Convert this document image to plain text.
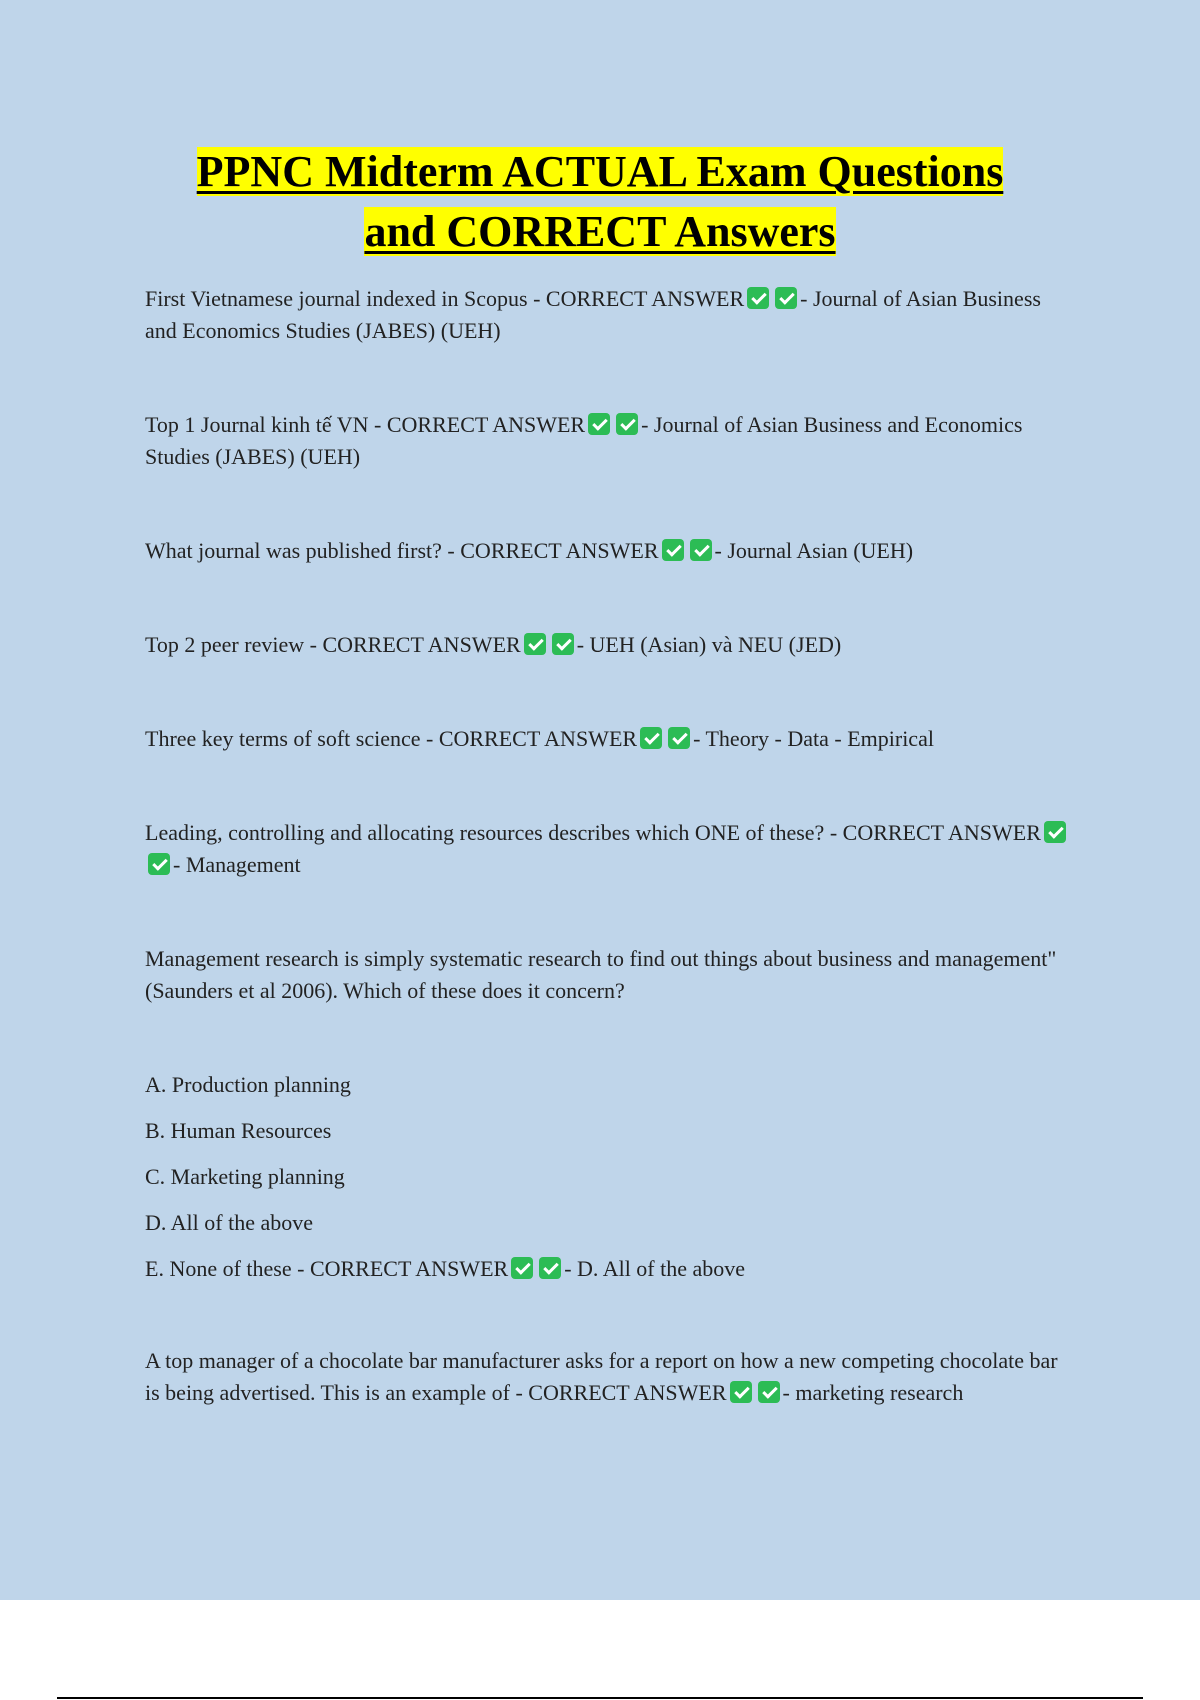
PPNC Midterm ACTUAL Exam Questions
and CORRECT Answers

First Vietnamese journal indexed in Scopus - CORRECT ANSWER	- Journal of Asian Business and Economics Studies (JABES) (UEH)

Top 1 Journal kinh tế VN - CORRECT ANSWER	- Journal of Asian Business and Economics Studies (JABES) (UEH)

What journal was published first? - CORRECT ANSWER	- Journal Asian (UEH)

Top 2 peer review - CORRECT ANSWER	- UEH (Asian) và NEU (JED)

Three key terms of soft science - CORRECT ANSWER	- Theory - Data - Empirical

Leading, controlling and allocating resources describes which ONE of these? - CORRECT ANSWER- Management

Management research is simply systematic research to find out things about business and management" (Saunders et al 2006). Which of these does it concern?

A. Production planning

B. Human Resources

C. Marketing planning

D. All of the above

E. None of these - CORRECT ANSWER	- D. All of the above

A top manager of a chocolate bar manufacturer asks for a report on how a new competing chocolate bar is being advertised. This is an example of - CORRECT ANSWER	- marketing research
